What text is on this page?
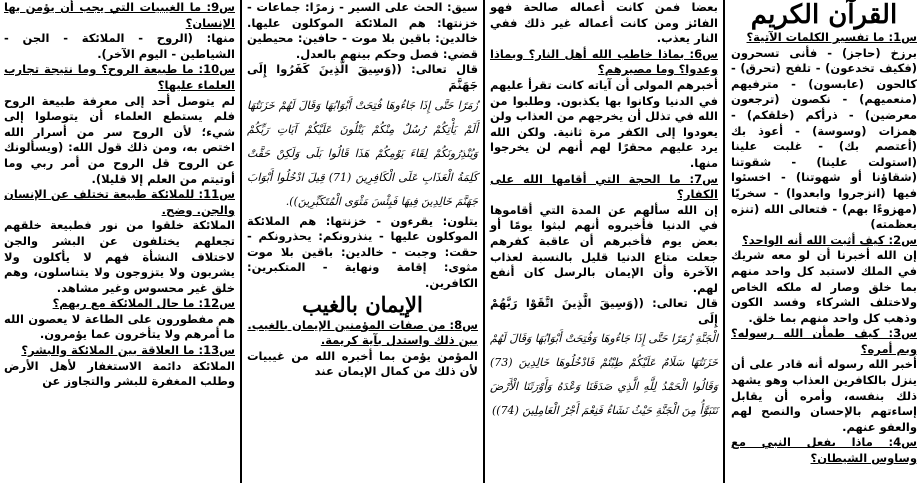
القرآن الكريم

س1: ما تفسير الكلمات الآتية؟

برزخ (حاجز) - فأنى تسحرون (فكيف تخدعون) - تلفح (تحرق) - كالحون (عابسون) - مترفيهم (منعميهم) - نكصون (ترجعون معرضين) - ذرأكم (خلقكم) - همزات (وسوسة) - أعوذ بك (أعتصم بك) - غلبت علينا (استولت علينا) - شقوتنا (شقاؤنا أو شهوتنا) - اخسئوا فيها (انزجروا وابعدوا) - سخريًا (مهزوءًا بهم) - فتعالى الله (تنزه بعظمته)

س2: كيف أثبت الله أنه الواحد؟

إن الله أخبرنا أن لو معه شريك في الملك لاستبد كل واحد منهم بما خلق وصار له ملكه الخاص ولاختلف الشركاء وفسد الكون وذهب كل واحد منهم بما خلق.

س3: كيف طمأن الله رسوله؟ وبم أمره؟

أخبر الله رسوله أنه قادر على أن ينزل بالكافرين العذاب وهو يشهد ذلك بنفسه، وأمره أن يقابل إساءتهم بالإحسان والنصح لهم والعفو عنهم.

س4: ماذا يفعل النبي مع وساوس الشيطان؟

بعضا فمن كانت أعماله صالحة فهو الفائز ومن كانت أعماله غير ذلك ففي النار يعذب.

س6: بماذا خاطب الله أهل النار؟ وبماذا وعدوا؟ وما مصيرهم؟

أخبرهم المولى أن آياته كانت تقرأ عليهم في الدنيا وكانوا بها يكذبون. وطلبوا من الله في تذلل أن يخرجهم من العذاب ولن يعودوا إلى الكفر مرة ثانية. ولكن الله يرد عليهم محقرًا لهم أنهم لن يخرجوا منها.

س7: ما الحجة التي أقامها الله على الكفار؟

إن الله سألهم عن المدة التي أقاموها في الدنيا فأخبروه أنهم لبثوا يومًا أو بعض يوم فأخبرهم أن عاقبة كفرهم جعلت متاع الدنيا قليل بالنسبة لعذاب الآخرة وأن الإيمان بالرسل كان أنفع لهم.

قال تعالى: ((وَسِيقَ الَّذِينَ اتَّقَوْا رَبَّهُمْ إِلَى

الْجَنَّةِ زُمَرًا حَتَّى إِذَا جَاءُوهَا وَفُتِحَتْ أَبْوَابُهَا وَقَالَ لَهُمْ خَزَنَتُهَا سَلَامٌ عَلَيْكُمْ طِبْتُمْ فَادْخُلُوهَا خَالِدِينَ (73) وَقَالُوا الْحَمْدُ لِلَّهِ الَّذِي صَدَقَنَا وَعْدَهُ وَأَوْرَثَنَا الْأَرْضَ نَتَبَوَّأُ مِنَ الْجَنَّةِ حَيْثُ نَشَاءُ فَنِعْمَ أَجْرُ الْعَامِلِينَ (74))

سيق: الحث على السير - زمرًا: جماعات - خزنتها: هم الملائكة الموكلون عليها. خالدين: باقين بلا موت - حافين: محيطين قضي: فصل وحكم بينهم بالعدل.

قال تعالى: ((وَسِيقَ الَّذِينَ كَفَرُوا إِلَى جَهَنَّمَ

زُمَرًا حَتَّى إِذَا جَاءُوهَا فُتِحَتْ أَبْوَابُهَا وَقَالَ لَهُمْ خَزَنَتُهَا أَلَمْ يَأْتِكُمْ رُسُلٌ مِنْكُمْ يَتْلُونَ عَلَيْكُمْ آيَاتِ رَبِّكُمْ وَيُنْذِرُونَكُمْ لِقَاءَ يَوْمِكُمْ هَذَا قَالُوا بَلَى وَلَكِنْ حَقَّتْ كَلِمَةُ الْعَذَابِ عَلَى الْكَافِرِينَ (71) قِيلَ ادْخُلُوا أَبْوَابَ جَهَنَّمَ خَالِدِينَ فِيهَا فَبِئْسَ مَثْوَى الْمُتَكَبِّرِينَ)).

يتلون: يقرءون - خزنتها: هم الملائكة الموكلون عليها - ينذرونكم: يحذرونكم - حقت: وجبت - خالدين: باقين بلا موت مثوى: إقامة ونهاية - المتكبرين: الكافرين.

الإيمان بالغيب

س8: من صفات المؤمنين الإيمان بالغيب.

بين ذلك واستدل بآية كريمة.

المؤمن يؤمن بما أخبره الله من غيبيات لأن ذلك من كمال الإيمان عند

س9: ما الغيبيات التي يجب أن يؤمن بها الإنسان؟

منها: (الروح - الملائكة - الجن - الشياطين - اليوم الآخر).

س10: ما طبيعة الروح؟ وما نتيجة تجارب العلماء عليها؟

لم يتوصل أحد إلى معرفة طبيعة الروح فلم يستطع العلماء أن يتوصلوا إلى شيء؛ لأن الروح سر من أسرار الله اختص به، ومن ذلك قول الله: (ويسألونك عن الروح قل الروح من أمر ربي وما أوتيتم من العلم إلا قليلا).

س11: للملائكة طبيعة تختلف عن الإنسان والجن. وضح.

الملائكة خلقوا من نور فطبيعة خلقهم تجعلهم يختلفون عن البشر والجن لاختلاف النشأة فهم لا يأكلون ولا يشربون ولا يتزوجون ولا يتناسلون، وهم خلق غير محسوس وغير مشاهد.

س12: ما حال الملائكة مع ربهم؟

هم مفطورون على الطاعة لا يعصون الله ما أمرهم ولا يتأخرون عما يؤمرون.

س13: ما العلاقة بين الملائكة والبشر؟

الملائكة دائمة الاستغفار لأهل الأرض وطلب المغفرة للبشر والتجاوز عن
